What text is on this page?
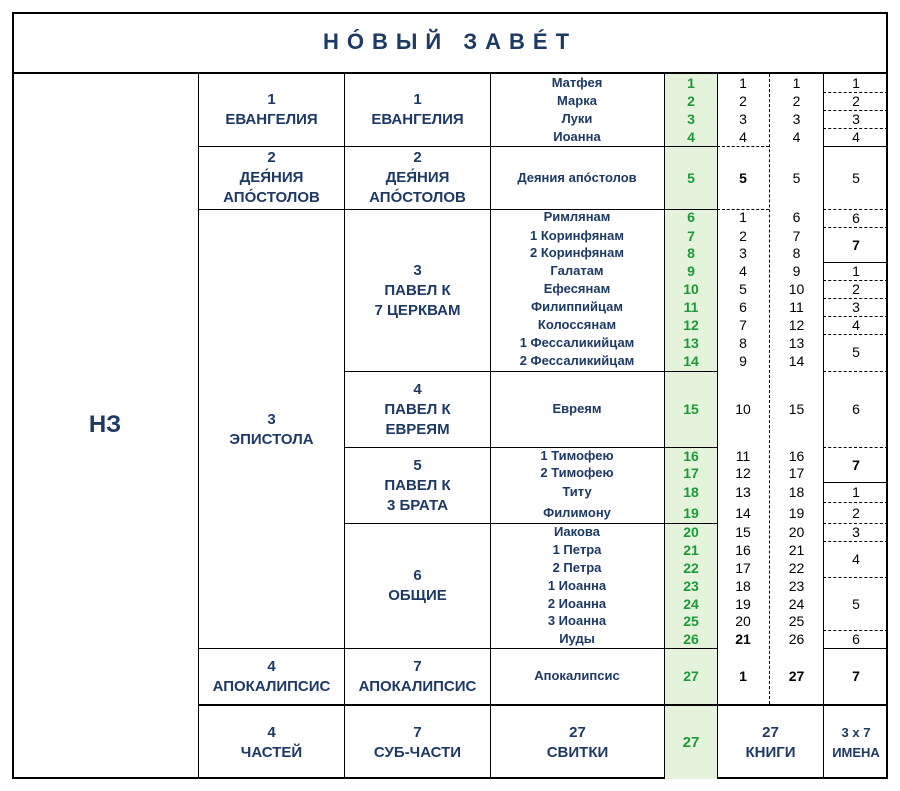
НÓВЫЙ ЗАВÉТ
НЗ
1
ЕВАНГЕЛИЯ
2
ДЕЯ́НИЯ
АПÓСТОЛОВ
3
ЭПИСТОЛА
4
АПОКАЛИПСИС
1
ЕВАНГЕЛИЯ
2
ДЕЯ́НИЯ
АПÓСТОЛОВ
3
ПАВЕЛ К
7 ЦЕРКВАМ
4
ПАВЕЛ К
ЕВРЕЯМ
5
ПАВЕЛ К
3 БРАТА
6
ОБЩИЕ
7
АПОКАЛИПСИС
Матфея
Марка
Луки
Иоанна
Деяния апóстолов
Римлянам
1 Коринфянам
2 Коринфянам
Галатам
Ефесянам
Филиппийцам
Колоссянам
1 Фессаликийцам
2 Фессаликийцам
Евреям
1 Тимофею
2 Тимофею
Титу
Филимону
Иакова
1 Петра
2 Петра
1 Иоанна
2 Иоанна
3 Иоанна
Иуды
Апокалипсис
1
2
3
4
5
6
7
8
9
10
11
12
13
14
15
16
17
18
19
20
21
22
23
24
25
26
27
1
2
3
4
5
1
2
3
4
5
6
7
8
9
10
11
12
13
14
15
16
17
18
19
20
21
1
1
2
3
4
5
6
7
8
9
10
11
12
13
14
15
16
17
18
19
20
21
22
23
24
25
26
27
1
2
3
4
5
6
7
1
2
3
4
5
6
7
1
2
3
4
5
6
7
4
ЧАСТЕЙ
7
СУБ-ЧАСТИ
27
СВИТКИ
27
27
КНИГИ
3 х 7
ИМЕНА
